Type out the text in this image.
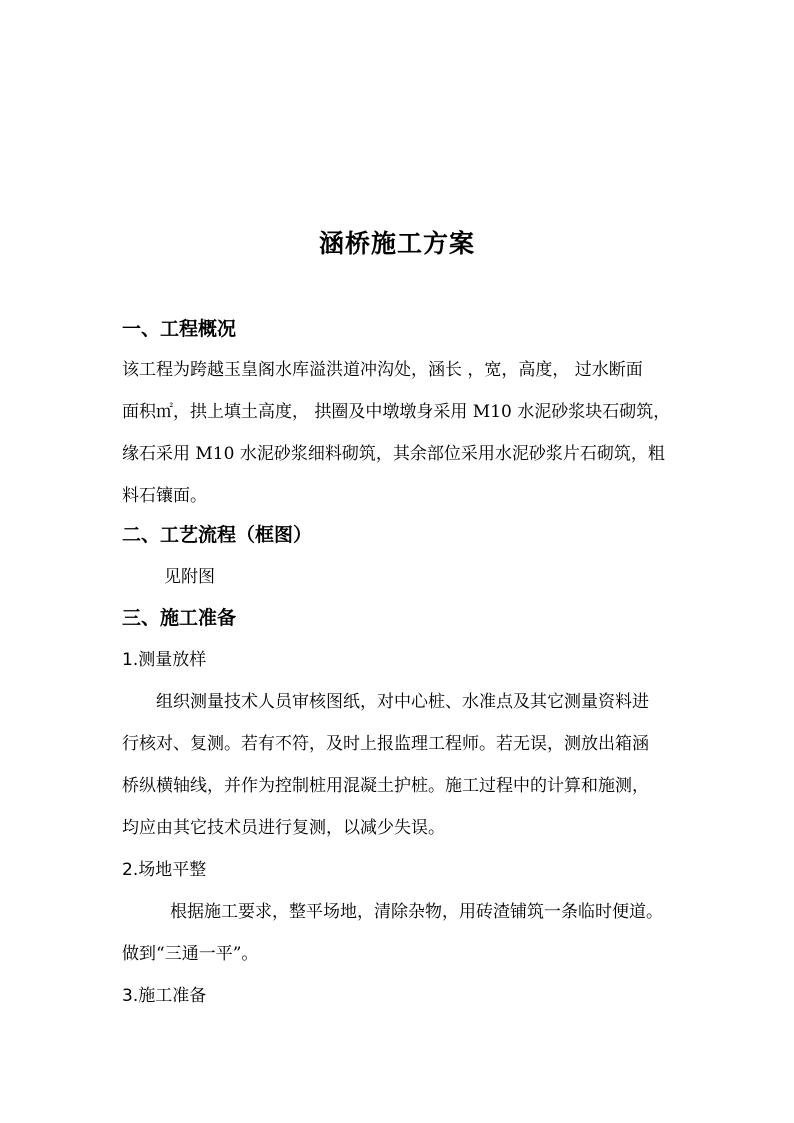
涵桥施工方案
一、工程概况
该工程为跨越玉皇阁水库溢洪道冲沟处，涵长 ，宽，高度， 过水断面
面积㎡，拱上填土高度， 拱圈及中墩墩身采用 M10 水泥砂浆块石砌筑，
缘石采用 M10 水泥砂浆细料砌筑，其余部位采用水泥砂浆片石砌筑，粗
料石镶面。
二、工艺流程（框图）
见附图
三、施工准备
1.测量放样
组织测量技术人员审核图纸，对中心桩、水准点及其它测量资料进
行核对、复测。若有不符，及时上报监理工程师。若无误，测放出箱涵
桥纵横轴线，并作为控制桩用混凝土护桩。施工过程中的计算和施测，
均应由其它技术员进行复测，以减少失误。
2.场地平整
根据施工要求，整平场地，清除杂物，用砖渣铺筑一条临时便道。
做到“三通一平”。
3.施工准备
